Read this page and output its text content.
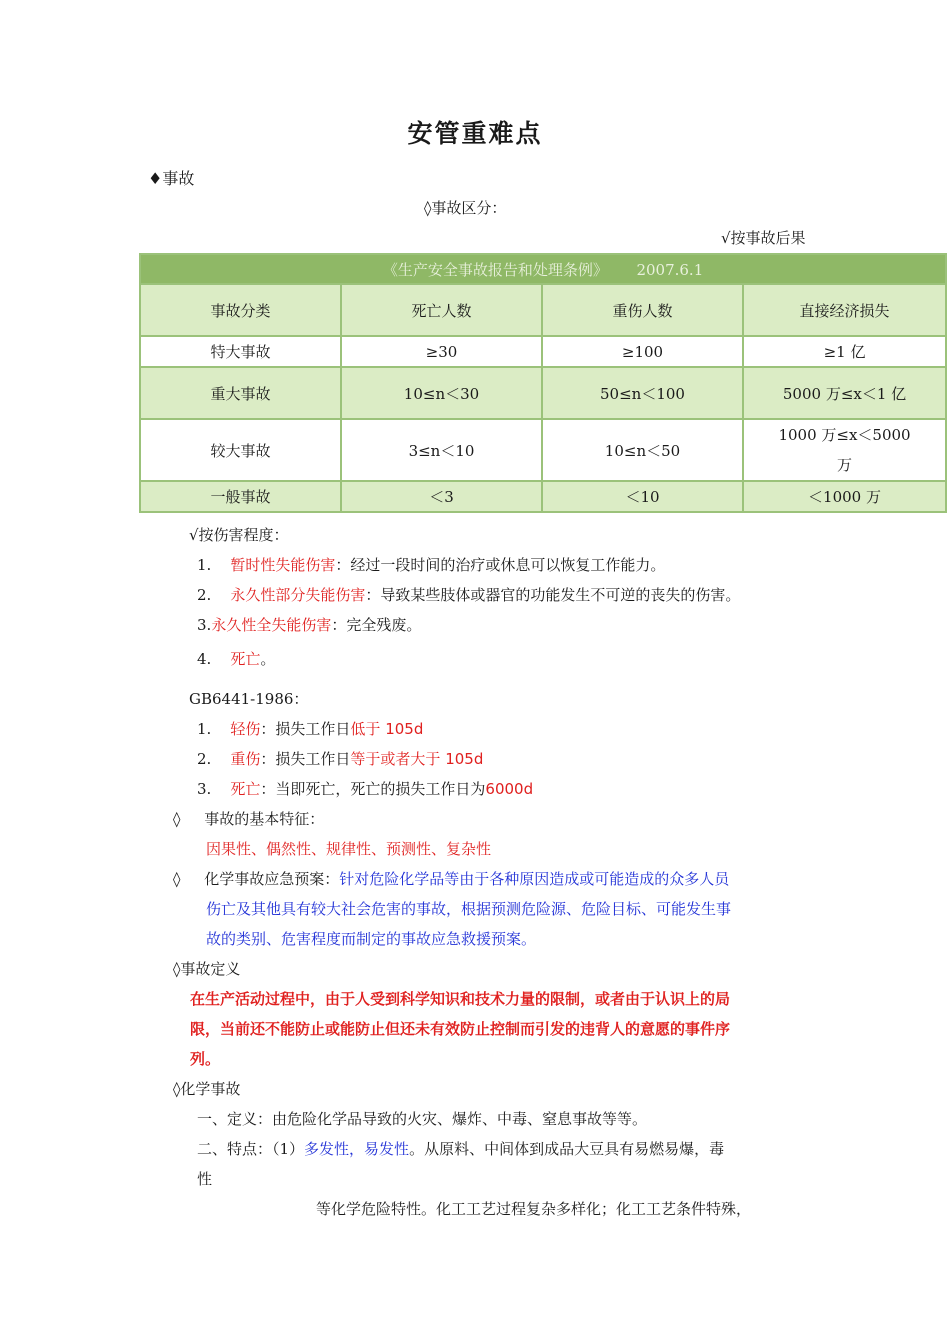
安管重难点
♦事故
◊事故区分：
√按事故后果
《生产安全事故报告和处理条例》 2007.6.1			
事故分类	死亡人数	重伤人数	直接经济损失
特大事故	≥30	≥100	≥1 亿
重大事故	10≤n＜30	50≤n＜100	5000 万≤x＜1 亿
较大事故	3≤n＜10	10≤n＜50	1000 万≤x＜5000 万
一般事故	＜3	＜10	＜1000 万
√按伤害程度：
1. 暂时性失能伤害：经过一段时间的治疗或休息可以恢复工作能力。
2. 永久性部分失能伤害：导致某些肢体或器官的功能发生不可逆的丧失的伤害。
3.永久性全失能伤害：完全残废。
4. 死亡。
GB6441-1986：
1. 轻伤：损失工作日低于 105d
2. 重伤：损失工作日等于或者大于 105d
3. 死亡：当即死亡，死亡的损失工作日为6000d
◊ 事故的基本特征：
因果性、偶然性、规律性、预测性、复杂性
◊ 化学事故应急预案：针对危险化学品等由于各种原因造成或可能造成的众多人员
伤亡及其他具有较大社会危害的事故，根据预测危险源、危险目标、可能发生事
故的类别、危害程度而制定的事故应急救援预案。
◊事故定义
在生产活动过程中，由于人受到科学知识和技术力量的限制，或者由于认识上的局
限，当前还不能防止或能防止但还未有效防止控制而引发的违背人的意愿的事件序
列。
◊化学事故
一、定义：由危险化学品导致的火灾、爆炸、中毒、窒息事故等等。
二、特点：（1）多发性，易发性。从原料、中间体到成品大豆具有易燃易爆，毒
性
等化学危险特性。化工工艺过程复杂多样化；化工工艺条件特殊，
